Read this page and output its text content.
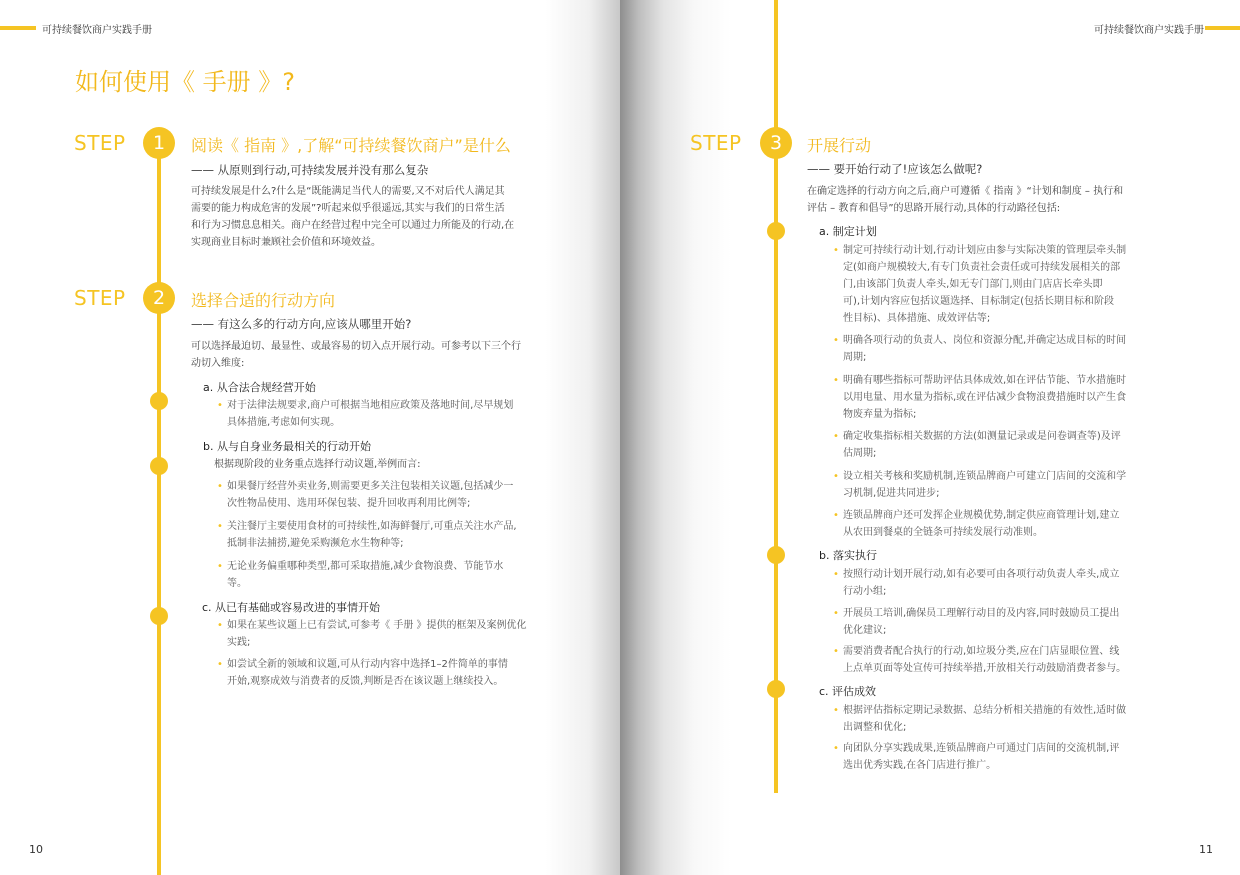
可持续餐饮商户实践手册
如何使用《 手册 》?
STEP	1	阅读《 指南 》,了解“可持续餐饮商户”是什么
—— 从原则到行动,可持续发展并没有那么复杂
可持续发展是什么?什么是“既能满足当代人的需要,又不对后代人满足其
需要的能力构成危害的发展”?听起来似乎很遥远,其实与我们的日常生活
和行为习惯息息相关。商户在经营过程中完全可以通过力所能及的行动,在
实现商业目标时兼顾社会价值和环境效益。
STEP	2	选择合适的行动方向
—— 有这么多的行动方向,应该从哪里开始?
可以选择最迫切、最显性、或最容易的切入点开展行动。可参考以下三个行
动切入维度:
a. 从合法合规经营开始
• 对于法律法规要求,商户可根据当地相应政策及落地时间,尽早规划
具体措施,考虑如何实现。
b. 从与自身业务最相关的行动开始
根据现阶段的业务重点选择行动议题,举例而言:
• 如果餐厅经营外卖业务,则需要更多关注包装相关议题,包括减少一
次性物品使用、选用环保包装、提升回收再利用比例等;
• 关注餐厅主要使用食材的可持续性,如海鲜餐厅,可重点关注水产品,
抵制非法捕捞,避免采购濒危水生物种等;
• 无论业务偏重哪种类型,都可采取措施,减少食物浪费、节能节水
等。
c. 从已有基础或容易改进的事情开始
• 如果在某些议题上已有尝试,可参考《 手册 》提供的框架及案例优化
实践;
• 如尝试全新的领域和议题,可从行动内容中选择1–2件简单的事情
开始,观察成效与消费者的反馈,判断是否在该议题上继续投入。
10
可持续餐饮商户实践手册
STEP	3	开展行动
—— 要开始行动了!应该怎么做呢?
在确定选择的行动方向之后,商户可遵循《 指南 》“计划和制度 – 执行和
评估 – 教育和倡导”的思路开展行动,具体的行动路径包括:
a. 制定计划
• 制定可持续行动计划,行动计划应由参与实际决策的管理层牵头制
定(如商户规模较大,有专门负责社会责任或可持续发展相关的部
门,由该部门负责人牵头,如无专门部门,则由门店店长牵头即
可),计划内容应包括议题选择、目标制定(包括长期目标和阶段
性目标)、具体措施、成效评估等;
• 明确各项行动的负责人、岗位和资源分配,并确定达成目标的时间
周期;
• 明确有哪些指标可帮助评估具体成效,如在评估节能、节水措施时
以用电量、用水量为指标,或在评估减少食物浪费措施时以产生食
物废弃量为指标;
• 确定收集指标相关数据的方法(如测量记录或是问卷调查等)及评
估周期;
• 设立相关考核和奖励机制,连锁品牌商户可建立门店间的交流和学
习机制,促进共同进步;
• 连锁品牌商户还可发挥企业规模优势,制定供应商管理计划,建立
从农田到餐桌的全链条可持续发展行动准则。
b. 落实执行
• 按照行动计划开展行动,如有必要可由各项行动负责人牵头,成立
行动小组;
• 开展员工培训,确保员工理解行动目的及内容,同时鼓励员工提出
优化建议;
• 需要消费者配合执行的行动,如垃圾分类,应在门店显眼位置、线
上点单页面等处宣传可持续举措,开放相关行动鼓励消费者参与。
c. 评估成效
• 根据评估指标定期记录数据、总结分析相关措施的有效性,适时做
出调整和优化;
• 向团队分享实践成果,连锁品牌商户可通过门店间的交流机制,评
选出优秀实践,在各门店进行推广。
11
